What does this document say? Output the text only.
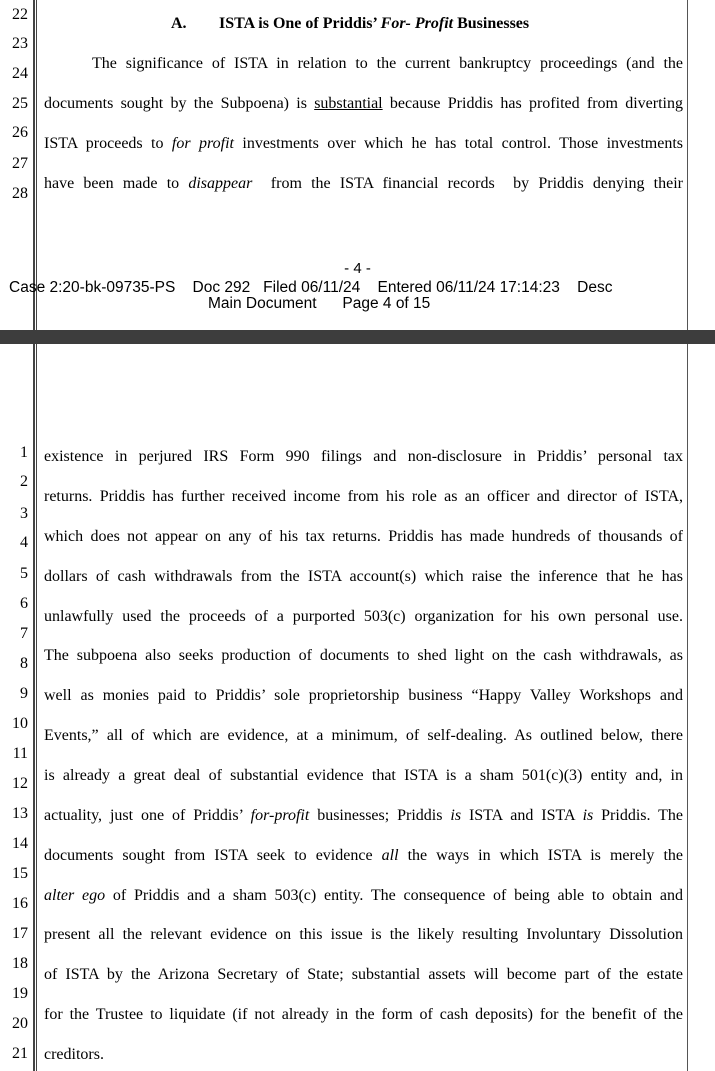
22
23
24
25
26
27
28
A. ISTA is One of Priddis’ For- Profit Businesses
The significance of ISTA in relation to the current bankruptcy proceedings (and the
documents sought by the Subpoena) is substantial because Priddis has profited from diverting
ISTA proceeds to for profit investments over which he has total control. Those investments
have been made to disappear  from the ISTA financial records  by Priddis denying their
- 4 -
Case 2:20-bk-09735-PS    Doc 292   Filed 06/11/24    Entered 06/11/24 17:14:23    Desc
Main Document      Page 4 of 15
1
2
3
4
5
6
7
8
9
10
11
12
13
14
15
16
17
18
19
20
21
existence in perjured IRS Form 990 filings and non-disclosure in Priddis’ personal tax
returns. Priddis has further received income from his role as an officer and director of ISTA,
which does not appear on any of his tax returns. Priddis has made hundreds of thousands of
dollars of cash withdrawals from the ISTA account(s) which raise the inference that he has
unlawfully used the proceeds of a purported 503(c) organization for his own personal use.
The subpoena also seeks production of documents to shed light on the cash withdrawals, as
well as monies paid to Priddis’ sole proprietorship business “Happy Valley Workshops and
Events,” all of which are evidence, at a minimum, of self-dealing. As outlined below, there
is already a great deal of substantial evidence that ISTA is a sham 501(c)(3) entity and, in
actuality, just one of Priddis’ for-profit businesses; Priddis is ISTA and ISTA is Priddis. The
documents sought from ISTA seek to evidence all the ways in which ISTA is merely the
alter ego of Priddis and a sham 503(c) entity. The consequence of being able to obtain and
present all the relevant evidence on this issue is the likely resulting Involuntary Dissolution
of ISTA by the Arizona Secretary of State; substantial assets will become part of the estate
for the Trustee to liquidate (if not already in the form of cash deposits) for the benefit of the
creditors.
